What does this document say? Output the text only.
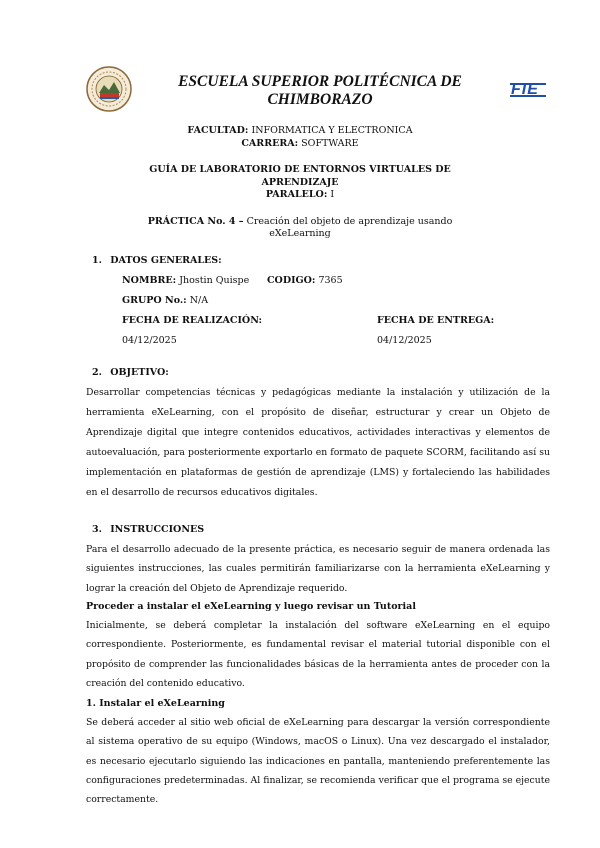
ESCUELA SUPERIOR POLITÉCNICA DE CHIMBORAZO
FIE
FACULTAD: INFORMATICA Y ELECTRONICA
CARRERA: SOFTWARE
GUÍA DE LABORATORIO DE ENTORNOS VIRTUALES DE
APRENDIZAJE
PARALELO: I
PRÁCTICA No. 4 – Creación del objeto de aprendizaje usando
eXeLearning
1. DATOS GENERALES:
NOMBRE: Jhostin Quispe CODIGO: 7365
GRUPO No.: N/A
FECHA DE REALIZACIÓN:	FECHA DE ENTREGA:
04/12/2025	04/12/2025
2. OBJETIVO:
Desarrollar competencias técnicas y pedagógicas mediante la instalación y utilización de la herramienta eXeLearning, con el propósito de diseñar, estructurar y crear un Objeto de Aprendizaje digital que integre contenidos educativos, actividades interactivas y elementos de autoevaluación, para posteriormente exportarlo en formato de paquete SCORM, facilitando así su implementación en plataformas de gestión de aprendizaje (LMS) y fortaleciendo las habilidades en el desarrollo de recursos educativos digitales.
3. INSTRUCCIONES
Para el desarrollo adecuado de la presente práctica, es necesario seguir de manera ordenada las siguientes instrucciones, las cuales permitirán familiarizarse con la herramienta eXeLearning y lograr la creación del Objeto de Aprendizaje requerido.
Proceder a instalar el eXeLearning y luego revisar un Tutorial
Inicialmente, se deberá completar la instalación del software eXeLearning en el equipo correspondiente. Posteriormente, es fundamental revisar el material tutorial disponible con el propósito de comprender las funcionalidades básicas de la herramienta antes de proceder con la creación del contenido educativo.
1. Instalar el eXeLearning
Se deberá acceder al sitio web oficial de eXeLearning para descargar la versión correspondiente al sistema operativo de su equipo (Windows, macOS o Linux). Una vez descargado el instalador, es necesario ejecutarlo siguiendo las indicaciones en pantalla, manteniendo preferentemente las configuraciones predeterminadas. Al finalizar, se recomienda verificar que el programa se ejecute correctamente.
